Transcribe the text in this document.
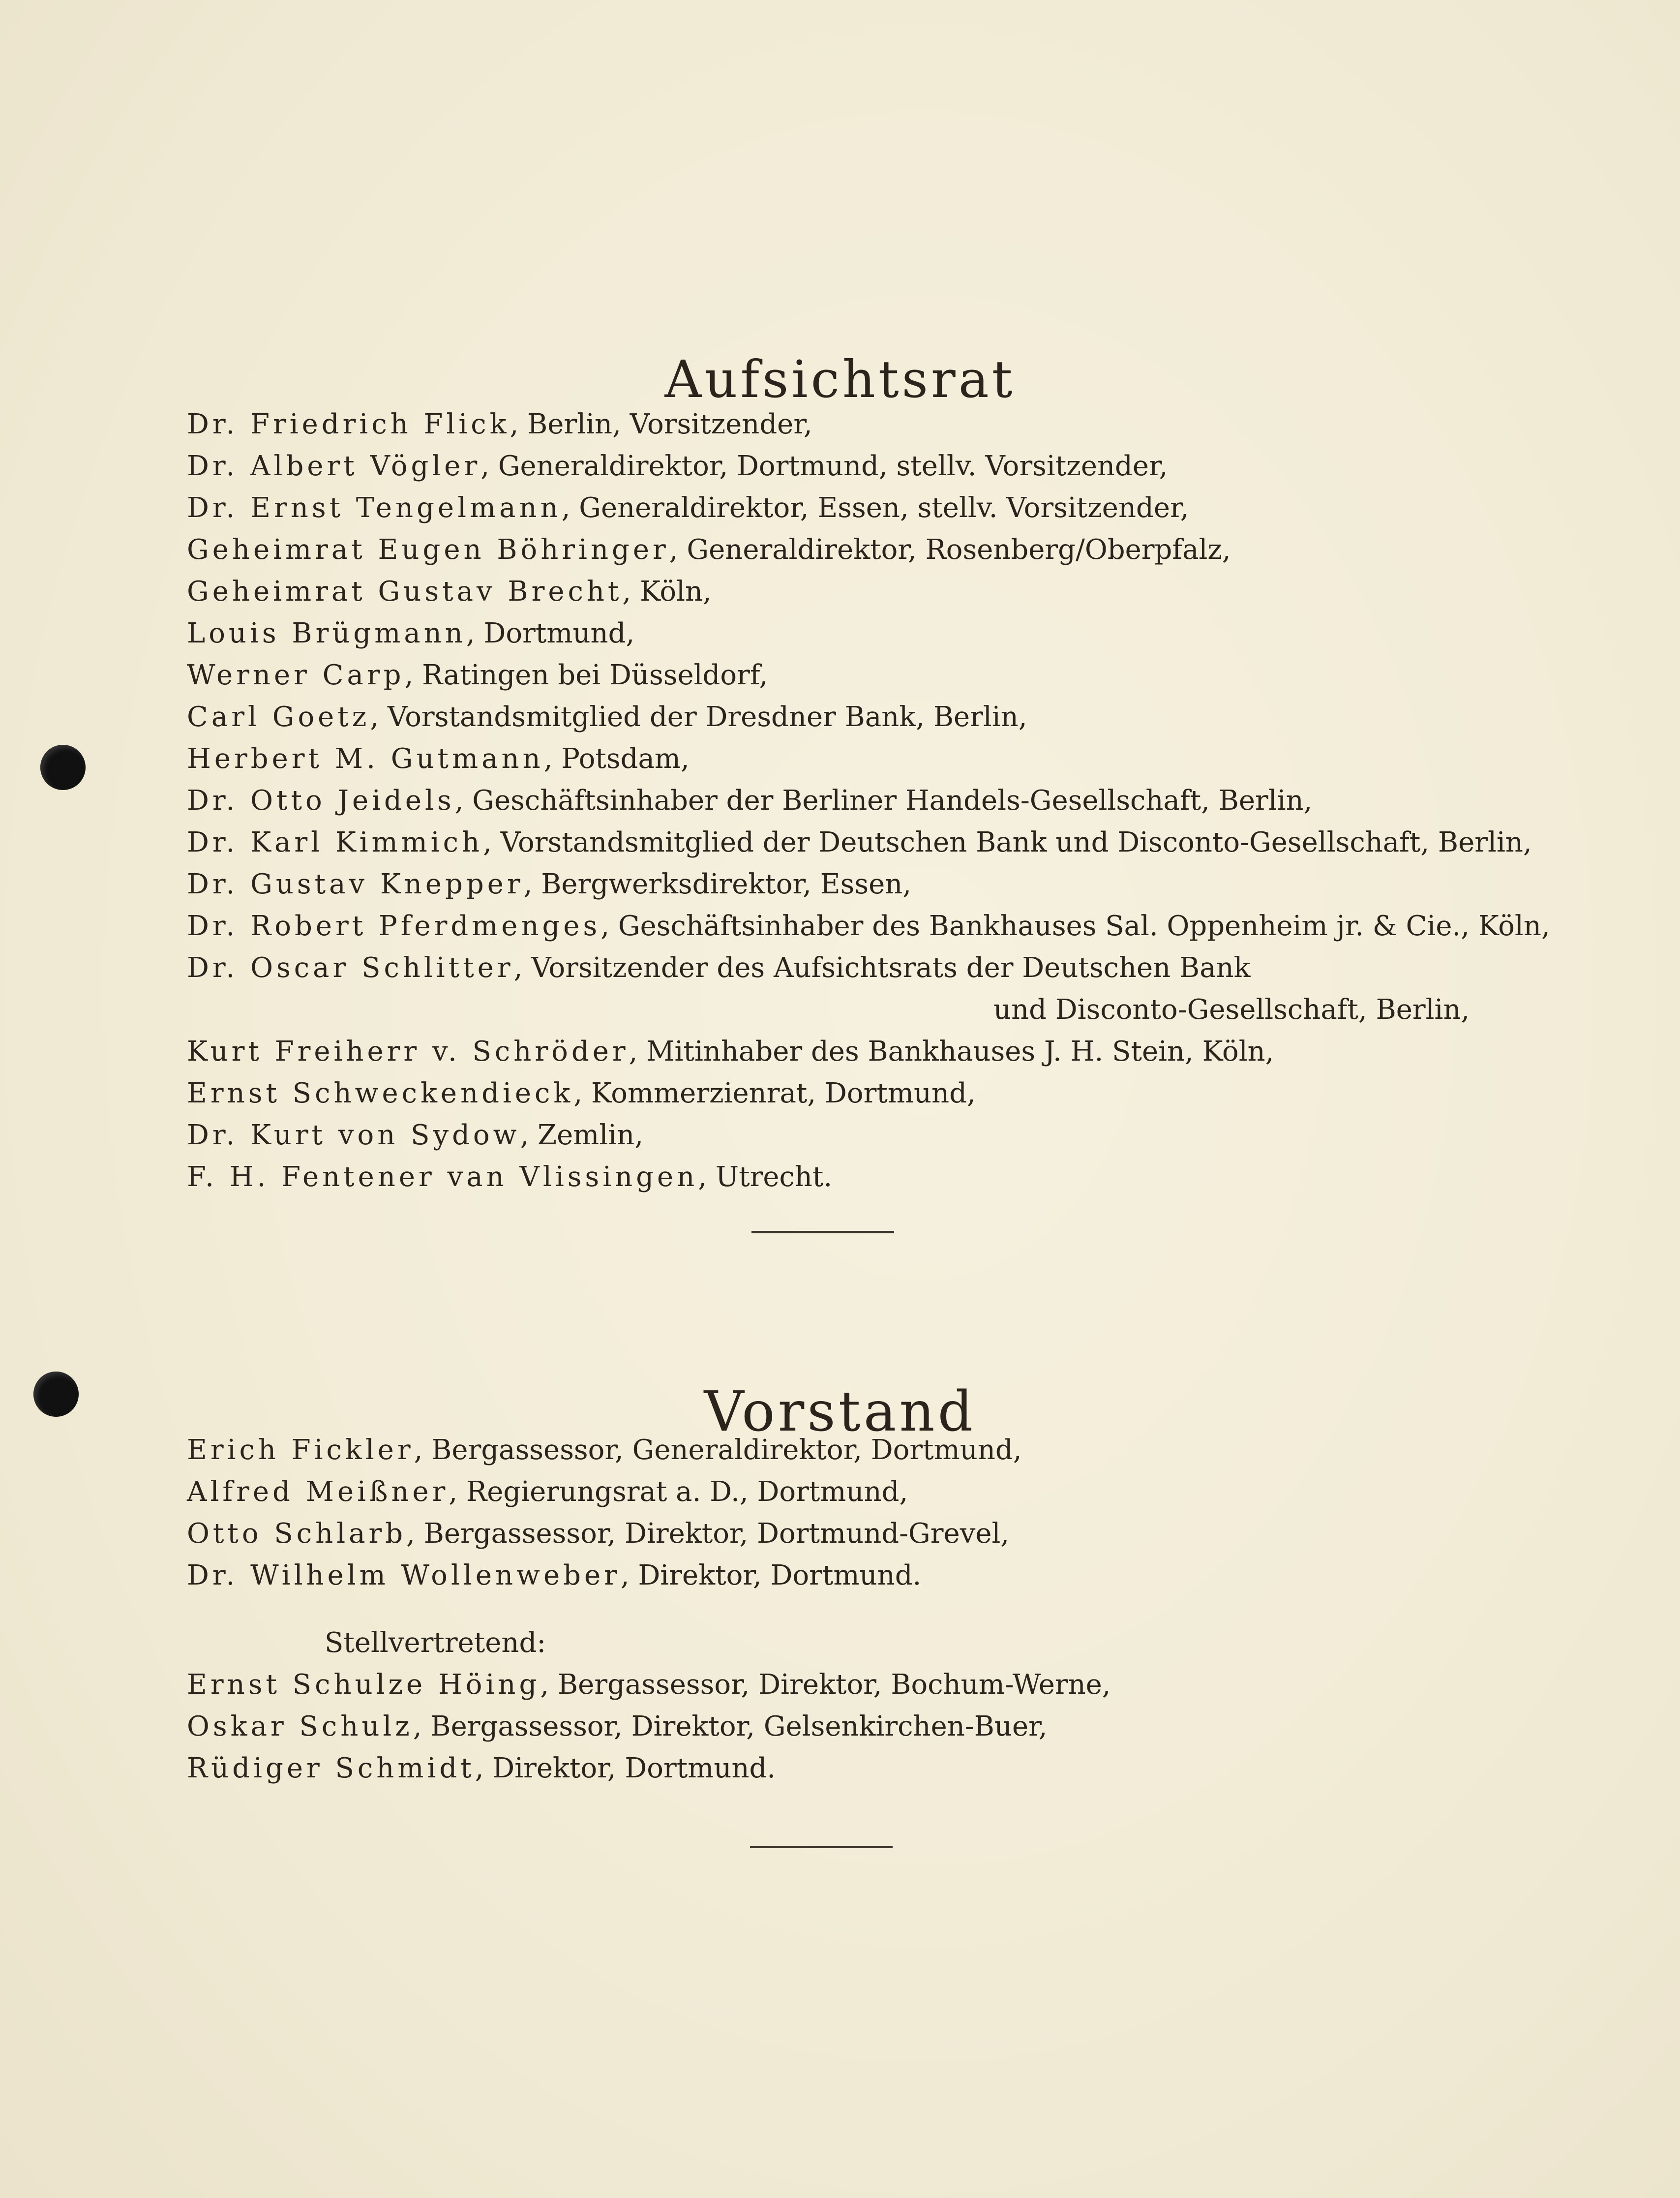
Aufsichtsrat
Dr. Friedrich Flick, Berlin, Vorsitzender,
Dr. Albert Vögler, Generaldirektor, Dortmund, stellv. Vorsitzender,
Dr. Ernst Tengelmann, Generaldirektor, Essen, stellv. Vorsitzender,
Geheimrat Eugen Böhringer, Generaldirektor, Rosenberg/Oberpfalz,
Geheimrat Gustav Brecht, Köln,
Louis Brügmann, Dortmund,
Werner Carp, Ratingen bei Düsseldorf,
Carl Goetz, Vorstandsmitglied der Dresdner Bank, Berlin,
Herbert M. Gutmann, Potsdam,
Dr. Otto Jeidels, Geschäftsinhaber der Berliner Handels-Gesellschaft, Berlin,
Dr. Karl Kimmich, Vorstandsmitglied der Deutschen Bank und Disconto-Gesellschaft, Berlin,
Dr. Gustav Knepper, Bergwerksdirektor, Essen,
Dr. Robert Pferdmenges, Geschäftsinhaber des Bankhauses Sal. Oppenheim jr. & Cie., Köln,
Dr. Oscar Schlitter, Vorsitzender des Aufsichtsrats der Deutschen Bank
und Disconto-Gesellschaft, Berlin,
Kurt Freiherr v. Schröder, Mitinhaber des Bankhauses J. H. Stein, Köln,
Ernst Schweckendieck, Kommerzienrat, Dortmund,
Dr. Kurt von Sydow, Zemlin,
F. H. Fentener van Vlissingen, Utrecht.
Vorstand
Erich Fickler, Bergassessor, Generaldirektor, Dortmund,
Alfred Meißner, Regierungsrat a. D., Dortmund,
Otto Schlarb, Bergassessor, Direktor, Dortmund-Grevel,
Dr. Wilhelm Wollenweber, Direktor, Dortmund.
Stellvertretend:
Ernst Schulze Höing, Bergassessor, Direktor, Bochum-Werne,
Oskar Schulz, Bergassessor, Direktor, Gelsenkirchen-Buer,
Rüdiger Schmidt, Direktor, Dortmund.
